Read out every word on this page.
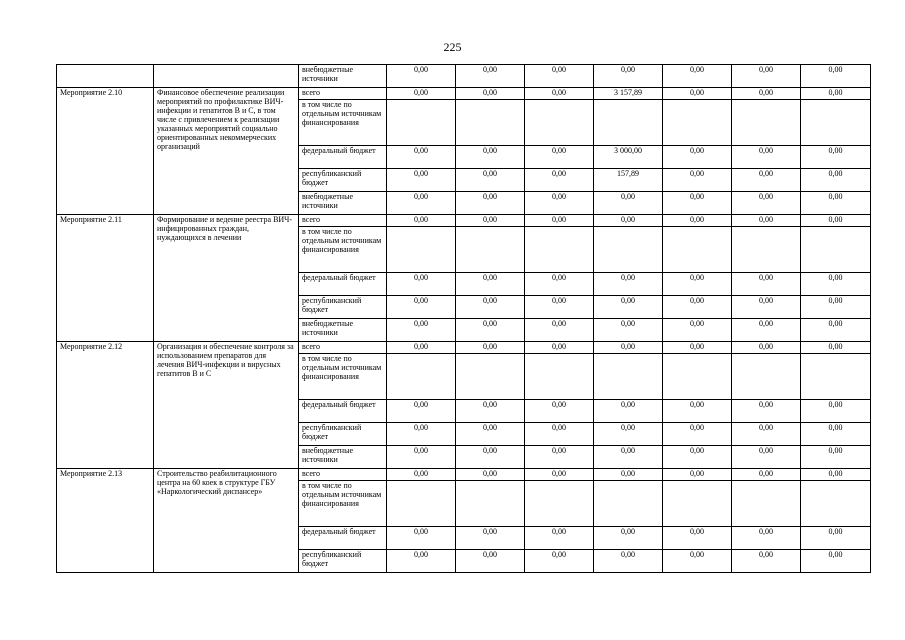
225
		внебюджетные источники	0,00	0,00	0,00	0,00	0,00	0,00	0,00
Мероприятие 2.10	Финансовое обеспечение реализации мероприятий по профилактике ВИЧ-инфекции и гепатитов В и С, в том числе с привлечением к реализации указанных мероприятий социально ориентированных некоммерческих организаций	всего	0,00	0,00	0,00	3 157,89	0,00	0,00	0,00
		в том числе по отдельным источникам финансирования							
		федеральный бюджет	0,00	0,00	0,00	3 000,00	0,00	0,00	0,00
		республиканский бюджет	0,00	0,00	0,00	157,89	0,00	0,00	0,00
		внебюджетные источники	0,00	0,00	0,00	0,00	0,00	0,00	0,00
Мероприятие 2.11	Формирование и ведение реестра ВИЧ-инфицированных граждан, нуждающихся в лечении	всего	0,00	0,00	0,00	0,00	0,00	0,00	0,00
		в том числе по отдельным источникам финансирования							
		федеральный бюджет	0,00	0,00	0,00	0,00	0,00	0,00	0,00
		республиканский бюджет	0,00	0,00	0,00	0,00	0,00	0,00	0,00
		внебюджетные источники	0,00	0,00	0,00	0,00	0,00	0,00	0,00
Мероприятие 2.12	Организация и обеспечение контроля за использованием препаратов для лечения ВИЧ-инфекции и вирусных гепатитов В и С	всего	0,00	0,00	0,00	0,00	0,00	0,00	0,00
		в том числе по отдельным источникам финансирования							
		федеральный бюджет	0,00	0,00	0,00	0,00	0,00	0,00	0,00
		республиканский бюджет	0,00	0,00	0,00	0,00	0,00	0,00	0,00
		внебюджетные источники	0,00	0,00	0,00	0,00	0,00	0,00	0,00
Мероприятие 2.13	Строительство реабилитационного центра на 60 коек в структуре ГБУ «Наркологический диспансер»	всего	0,00	0,00	0,00	0,00	0,00	0,00	0,00
		в том числе по отдельным источникам финансирования							
		федеральный бюджет	0,00	0,00	0,00	0,00	0,00	0,00	0,00
		республиканский бюджет	0,00	0,00	0,00	0,00	0,00	0,00	0,00
